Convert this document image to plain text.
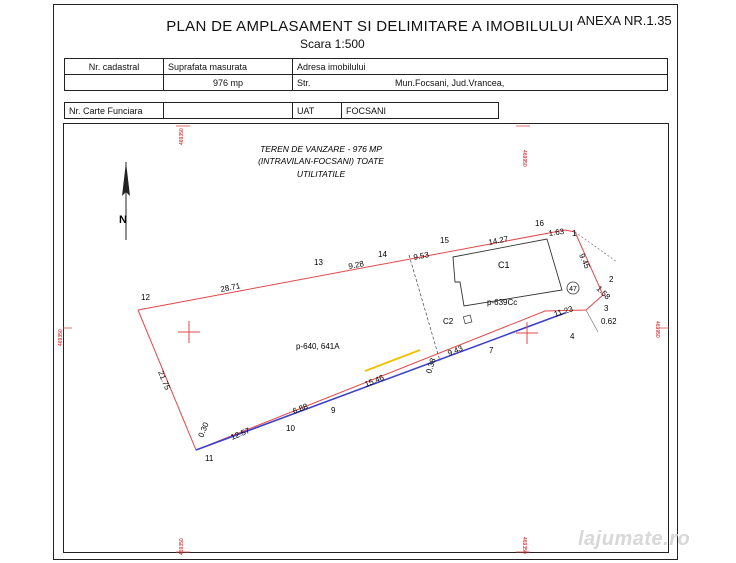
PLAN DE AMPLASAMENT SI DELIMITARE A IMOBILULUI
Scara 1:500
ANEXA NR.1.35
Nr. cadastral	Suprafata masurata	Adresa imobilului	
	976 mp	Str.	Mun.Focsani, Jud.Vrancea,
Nr. Carte Funciara		UAT	FOCSANI
469350
469950
469350	469950
469350	469350
N
TEREN DE VANZARE - 976 MP
(INTRAVILAN-FOCSANI) TOATE
UTILITATILE
C1
p-639Cc
47
C2
p-640, 641A
1
2
3
4
7
9
10
11
12
13
14
15
16
28.71
9.28
9.53
14.27
1.63
9.45
1.58
0.62
11.23
9.43
0.38
15.46
6.88
12.57
0.30
21.75
lajumate.ro
